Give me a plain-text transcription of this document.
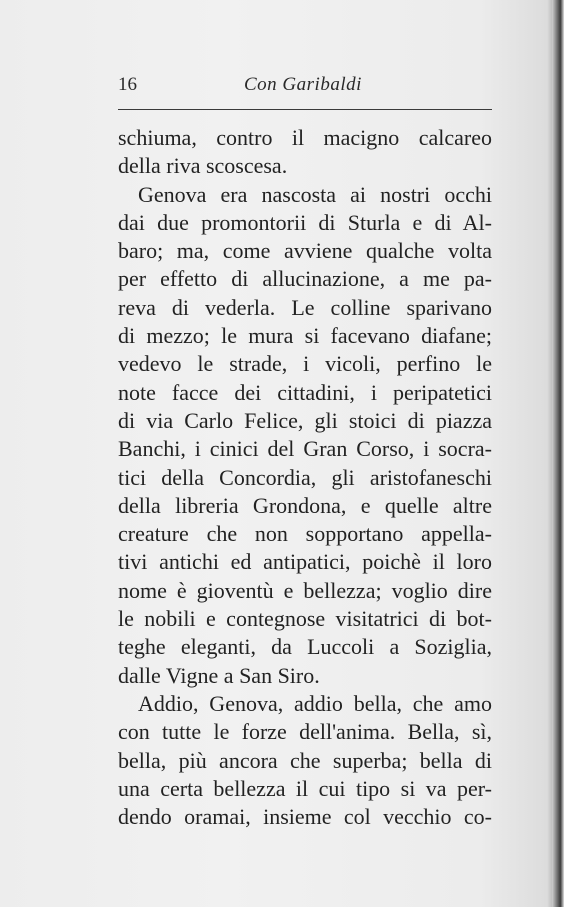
16	Con Garibaldi
schiuma, contro il macigno calcareo
della riva scoscesa.
Genova era nascosta ai nostri occhi
dai due promontorii di Sturla e di Al-
baro; ma, come avviene qualche volta
per effetto di allucinazione, a me pa-
reva di vederla. Le colline sparivano
di mezzo; le mura si facevano diafane;
vedevo le strade, i vicoli, perfino le
note facce dei cittadini, i peripatetici
di via Carlo Felice, gli stoici di piazza
Banchi, i cinici del Gran Corso, i socra-
tici della Concordia, gli aristofaneschi
della libreria Grondona, e quelle altre
creature che non sopportano appella-
tivi antichi ed antipatici, poichè il loro
nome è gioventù e bellezza; voglio dire
le nobili e contegnose visitatrici di bot-
teghe eleganti, da Luccoli a Soziglia,
dalle Vigne a San Siro.
Addio, Genova, addio bella, che amo
con tutte le forze dell'anima. Bella, sì,
bella, più ancora che superba; bella di
una certa bellezza il cui tipo si va per-
dendo oramai, insieme col vecchio co-
